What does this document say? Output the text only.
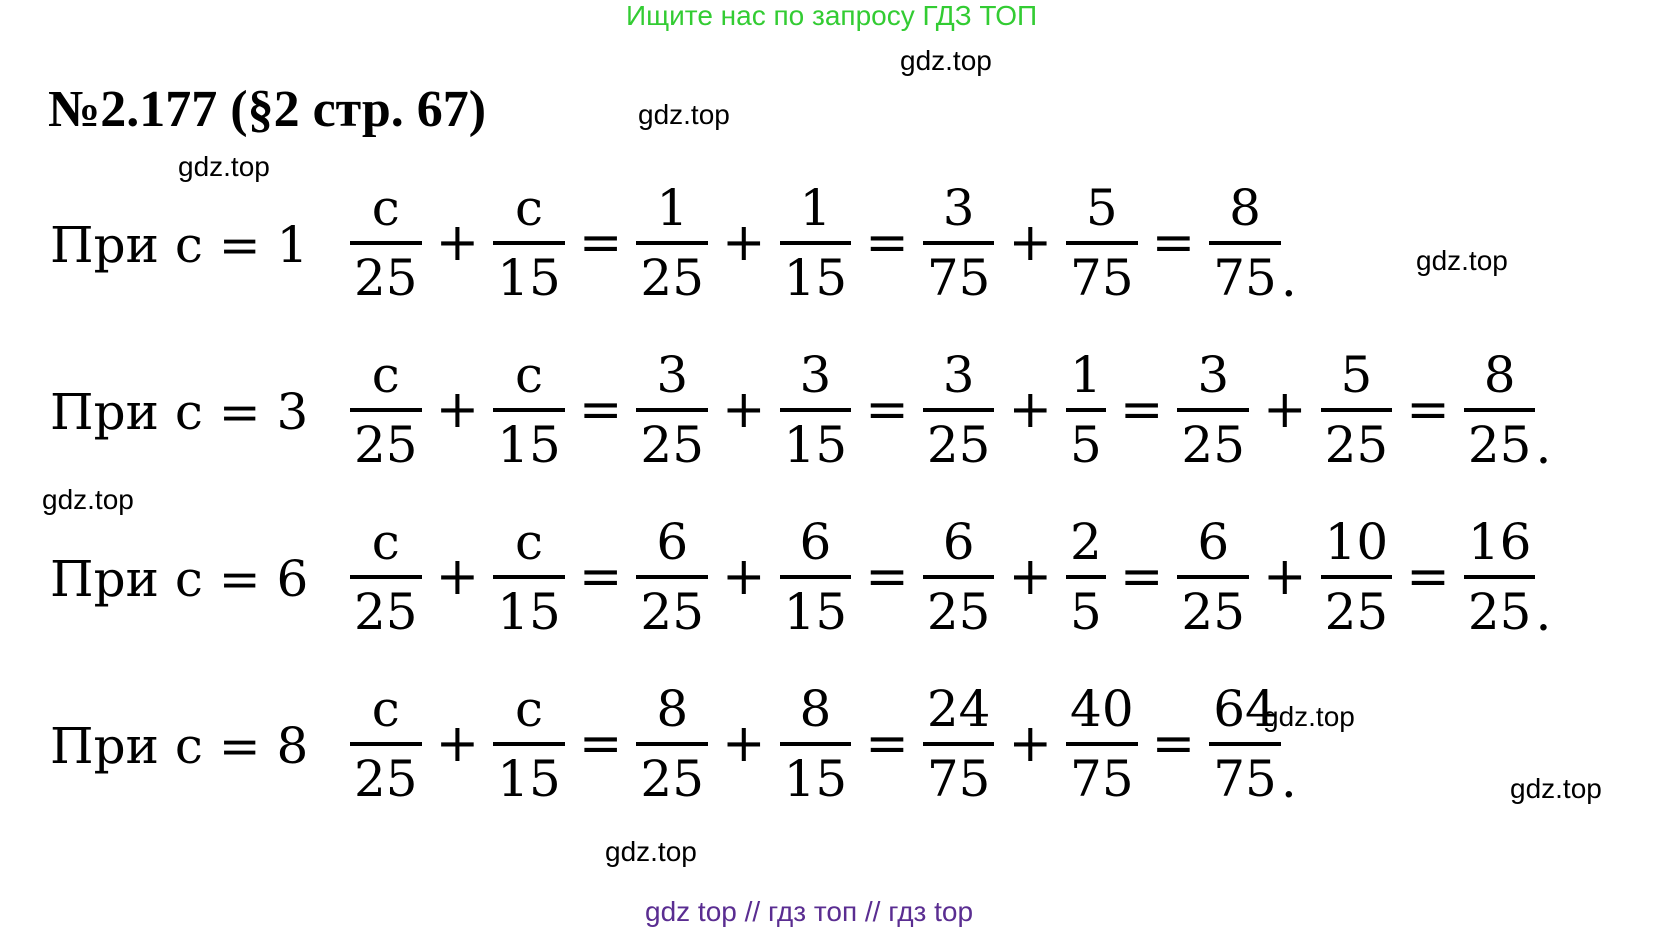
Ищите нас по запросу ГДЗ ТОП
№2.177 (§2 стр. 67)
gdz.top
gdz.top
gdz.top
gdz.top
gdz.top
gdz.top
gdz.top
gdz.top
При $c = 1 \frac{c}{25} + \frac{c}{15} = \frac{1}{25} + \frac{1}{15} = \frac{3}{75} + \frac{5}{75} = \frac{8}{75}$ .
При $c = 3 \frac{c}{25} + \frac{c}{15} = \frac{3}{25} + \frac{3}{15} = \frac{3}{25} + \frac{1}{5} = \frac{3}{25} + \frac{5}{25} = \frac{8}{25}$ .
При $c = 6 \frac{c}{25} + \frac{c}{15} = \frac{6}{25} + \frac{6}{15} = \frac{6}{25} + \frac{2}{5} = \frac{6}{25} + \frac{10}{25} = \frac{16}{25}$ .
При $c = 8 \frac{c}{25} + \frac{c}{15} = \frac{8}{25} + \frac{8}{15} = \frac{24}{75} + \frac{40}{75} = \frac{64}{75}$ .
gdz top // гдз топ // гдз top
